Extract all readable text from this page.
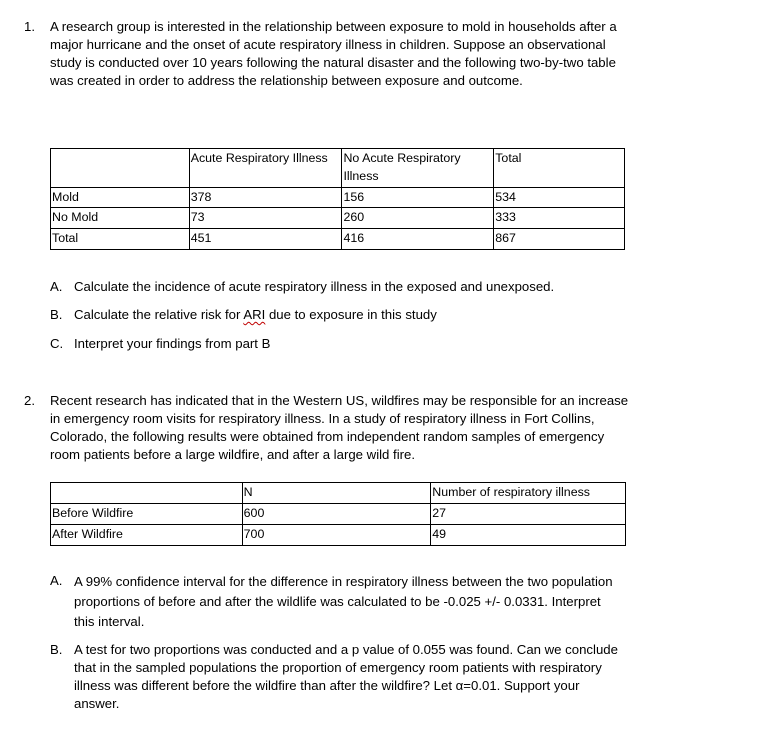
1. A research group is interested in the relationship between exposure to mold in households after a major hurricane and the onset of acute respiratory illness in children. Suppose an observational study is conducted over 10 years following the natural disaster and the following two-by-two table was created in order to address the relationship between exposure and outcome.

	Acute Respiratory Illness	No Acute Respiratory Illness	Total
Mold	378	156	534
No Mold	73	260	333
Total	451	416	867
A. Calculate the incidence of acute respiratory illness in the exposed and unexposed.
B. Calculate the relative risk for ARI due to exposure in this study
C. Interpret your findings from part B
2. Recent research has indicated that in the Western US, wildfires may be responsible for an increase in emergency room visits for respiratory illness. In a study of respiratory illness in Fort Collins, Colorado, the following results were obtained from independent random samples of emergency room patients before a large wildfire, and after a large wild fire.

	N	Number of respiratory illness
Before Wildfire	600	27
After Wildfire	700	49
A. A 99% confidence interval for the difference in respiratory illness between the two population proportions of before and after the wildlife was calculated to be -0.025 +/- 0.0331. Interpret this interval.
B. A test for two proportions was conducted and a p value of 0.055 was found. Can we conclude that in the sampled populations the proportion of emergency room patients with respiratory illness was different before the wildfire than after the wildfire? Let α=0.01. Support your answer.
